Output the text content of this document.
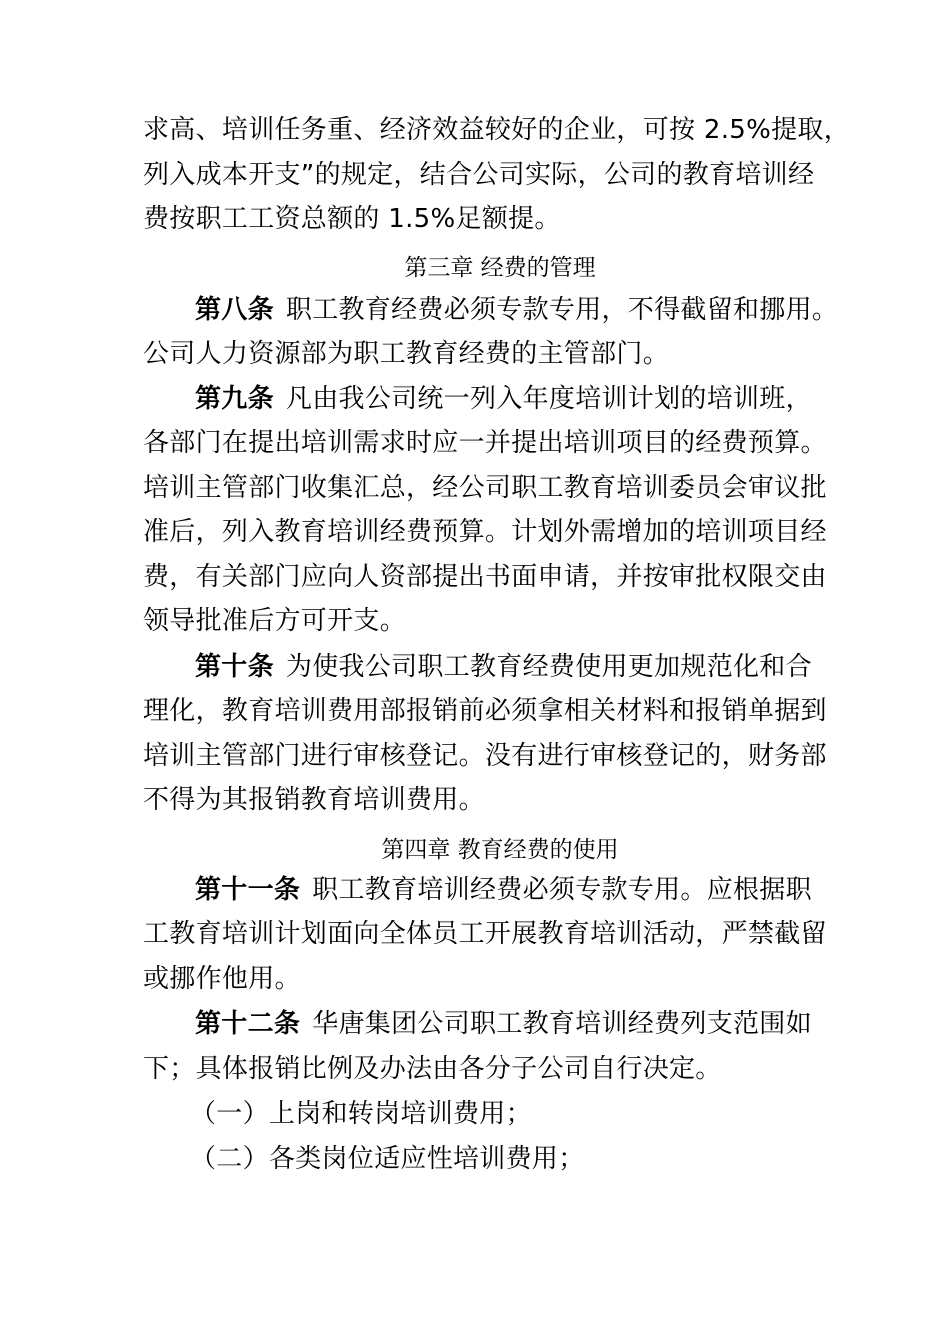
求高、培训任务重、经济效益较好的企业，可按 2.5%提取，
列入成本开支”的规定，结合公司实际，公司的教育培训经
费按职工工资总额的 1.5%足额提。
第三章 经费的管理
第八条 职工教育经费必须专款专用，不得截留和挪用。
公司人力资源部为职工教育经费的主管部门。
第九条 凡由我公司统一列入年度培训计划的培训班，
各部门在提出培训需求时应一并提出培训项目的经费预算。
培训主管部门收集汇总，经公司职工教育培训委员会审议批
准后，列入教育培训经费预算。计划外需增加的培训项目经
费，有关部门应向人资部提出书面申请，并按审批权限交由
领导批准后方可开支。
第十条 为使我公司职工教育经费使用更加规范化和合
理化，教育培训费用部报销前必须拿相关材料和报销单据到
培训主管部门进行审核登记。没有进行审核登记的，财务部
不得为其报销教育培训费用。
第四章 教育经费的使用
第十一条 职工教育培训经费必须专款专用。应根据职
工教育培训计划面向全体员工开展教育培训活动，严禁截留
或挪作他用。
第十二条 华唐集团公司职工教育培训经费列支范围如
下；具体报销比例及办法由各分子公司自行决定。
（一）上岗和转岗培训费用；
（二）各类岗位适应性培训费用；
